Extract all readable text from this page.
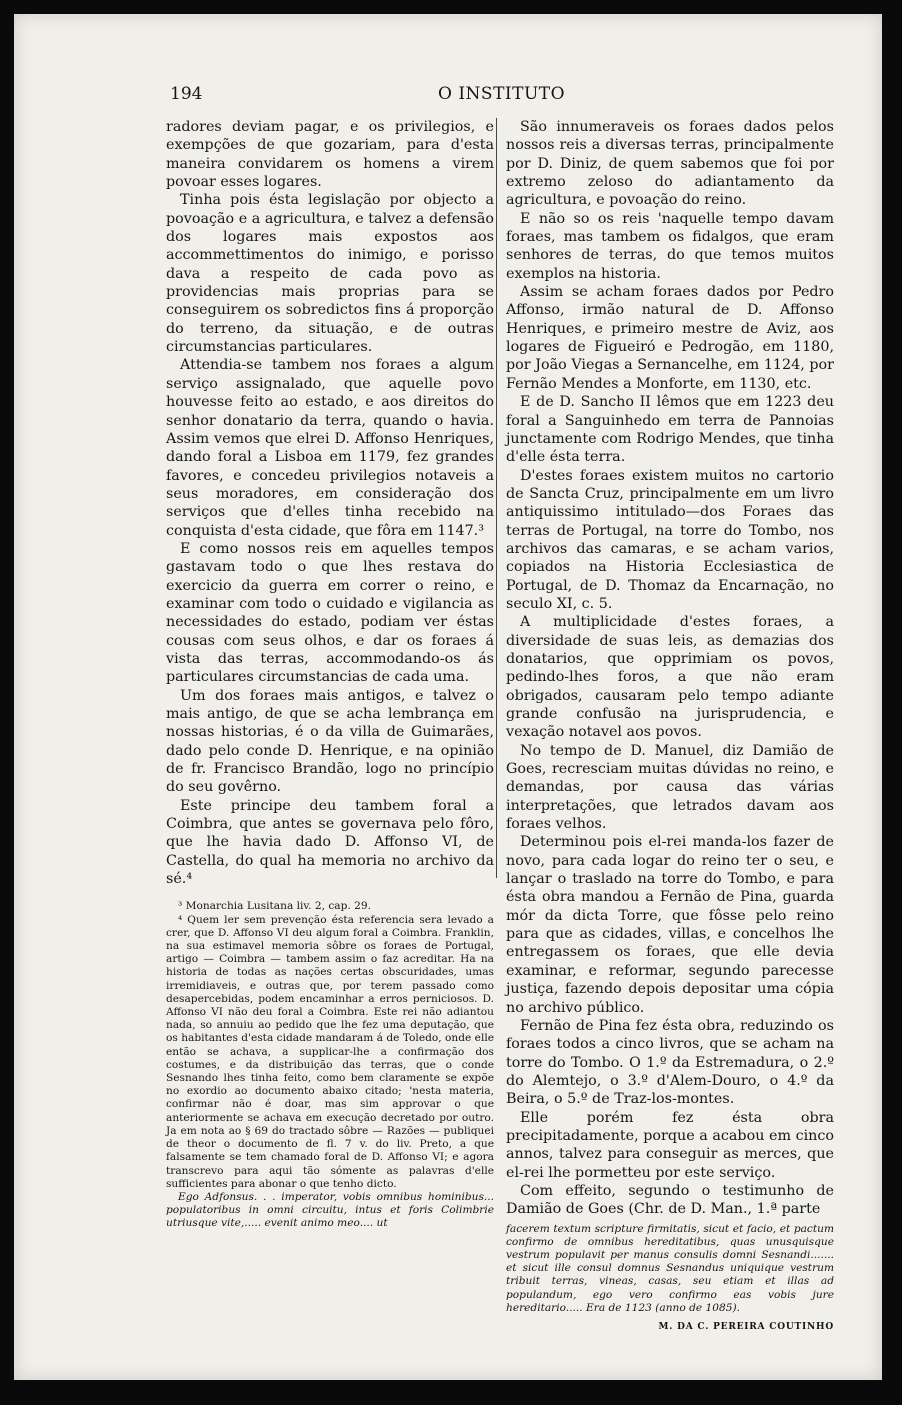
194	O INSTITUTO

radores deviam pagar, e os privilegios, e exempções de que gozariam, para d'esta maneira convidarem os homens a virem povoar esses logares.

Tinha pois ésta legislação por objecto a povoação e a agricultura, e talvez a defensão dos logares mais expostos aos accommettimentos do inimigo, e porisso dava a respeito de cada povo as providencias mais proprias para se conseguirem os sobredictos fins á proporção do terreno, da situação, e de outras circumstancias particulares.

Attendia-se tambem nos foraes a algum serviço assignalado, que aquelle povo houvesse feito ao estado, e aos direitos do senhor donatario da terra, quando o havia. Assim vemos que elrei D. Affonso Henriques, dando foral a Lisboa em 1179, fez grandes favores, e concedeu privilegios notaveis a seus moradores, em consideração dos serviços que d'elles tinha recebido na conquista d'esta cidade, que fôra em 1147.³

E como nossos reis em aquelles tempos gastavam todo o que lhes restava do exercicio da guerra em correr o reino, e examinar com todo o cuidado e vigilancia as necessidades do estado, podiam ver éstas cousas com seus olhos, e dar os foraes á vista das terras, accommodando-os ás particulares circumstancias de cada uma.

Um dos foraes mais antigos, e talvez o mais antigo, de que se acha lembrança em nossas historias, é o da villa de Guimarães, dado pelo conde D. Henrique, e na opinião de fr. Francisco Brandão, logo no princípio do seu govêrno.

Este principe deu tambem foral a Coimbra, que antes se governava pelo fôro, que lhe havia dado D. Affonso VI, de Castella, do qual ha memoria no archivo da sé.⁴

³ Monarchia Lusitana liv. 2, cap. 29.

⁴ Quem ler sem prevenção ésta referencia sera levado a crer, que D. Affonso VI deu algum foral a Coimbra. Franklin, na sua estimavel memoria sôbre os foraes de Portugal, artigo — Coimbra — tambem assim o faz acreditar. Ha na historia de todas as nações certas obscuridades, umas irremidiaveis, e outras que, por terem passado como desapercebidas, podem encaminhar a erros perniciosos. D. Affonso VI não deu foral a Coimbra. Este rei não adiantou nada, so annuiu ao pedido que lhe fez uma deputação, que os habitantes d'esta cidade mandaram á de Toledo, onde elle então se achava, a supplicar-lhe a confirmação dos costumes, e da distribuição das terras, que o conde Sesnando lhes tinha feito, como bem claramente se expõe no exordio ao documento abaixo citado; 'nesta materia, confirmar não é doar, mas sim approvar o que anteriormente se achava em execução decretado por outro. Ja em nota ao § 69 do tractado sôbre — Razões — publiquei de theor o documento de fl. 7 v. do liv. Preto, a que falsamente se tem chamado foral de D. Affonso VI; e agora transcrevo para aqui tão sómente as palavras d'elle sufficientes para abonar o que tenho dicto.

Ego Adfonsus. . . imperator, vobis omnibus hominibus... populatoribus in omni circuitu, intus et foris Colimbrie utriusque vite,..... evenit animo meo.... ut

São innumeraveis os foraes dados pelos nossos reis a diversas terras, principalmente por D. Diniz, de quem sabemos que foi por extremo zeloso do adiantamento da agricultura, e povoação do reino.

E não so os reis 'naquelle tempo davam foraes, mas tambem os fidalgos, que eram senhores de terras, do que temos muitos exemplos na historia.

Assim se acham foraes dados por Pedro Affonso, irmão natural de D. Affonso Henriques, e primeiro mestre de Aviz, aos logares de Figueiró e Pedrogão, em 1180, por João Viegas a Sernancelhe, em 1124, por Fernão Mendes a Monforte, em 1130, etc.

E de D. Sancho II lêmos que em 1223 deu foral a Sanguinhedo em terra de Pannoias junctamente com Rodrigo Mendes, que tinha d'elle ésta terra.

D'estes foraes existem muitos no cartorio de Sancta Cruz, principalmente em um livro antiquissimo intitulado—dos Foraes das terras de Portugal, na torre do Tombo, nos archivos das camaras, e se acham varios, copiados na Historia Ecclesiastica de Portugal, de D. Thomaz da Encarnação, no seculo XI, c. 5.

A multiplicidade d'estes foraes, a diversidade de suas leis, as demazias dos donatarios, que opprimiam os povos, pedindo-lhes foros, a que não eram obrigados, causaram pelo tempo adiante grande confusão na jurisprudencia, e vexação notavel aos povos.

No tempo de D. Manuel, diz Damião de Goes, recresciam muitas dúvidas no reino, e demandas, por causa das várias interpretações, que letrados davam aos foraes velhos.

Determinou pois el-rei manda-los fazer de novo, para cada logar do reino ter o seu, e lançar o traslado na torre do Tombo, e para ésta obra mandou a Fernão de Pina, guarda mór da dicta Torre, que fôsse pelo reino para que as cidades, villas, e concelhos lhe entregassem os foraes, que elle devia examinar, e reformar, segundo parecesse justiça, fazendo depois depositar uma cópia no archivo público.

Fernão de Pina fez ésta obra, reduzindo os foraes todos a cinco livros, que se acham na torre do Tombo. O 1.º da Estremadura, o 2.º do Alemtejo, o 3.º d'Alem-Douro, o 4.º da Beira, o 5.º de Traz-los-montes.

Elle porém fez ésta obra precipitadamente, porque a acabou em cinco annos, talvez para conseguir as merces, que el-rei lhe pormetteu por este serviço.

Com effeito, segundo o testimunho de Damião de Goes (Chr. de D. Man., 1.ª parte

facerem textum scripture firmitatis, sicut et facio, et pactum confirmo de omnibus hereditatibus, quas unusquisque vestrum populavit per manus consulis domni Sesnandi....... et sicut ille consul domnus Sesnandus uniquique vestrum tribuit terras, vineas, casas, seu etiam et illas ad populandum, ego vero confirmo eas vobis jure hereditario..... Era de 1123 (anno de 1085).

M. DA C. PEREIRA COUTINHO
